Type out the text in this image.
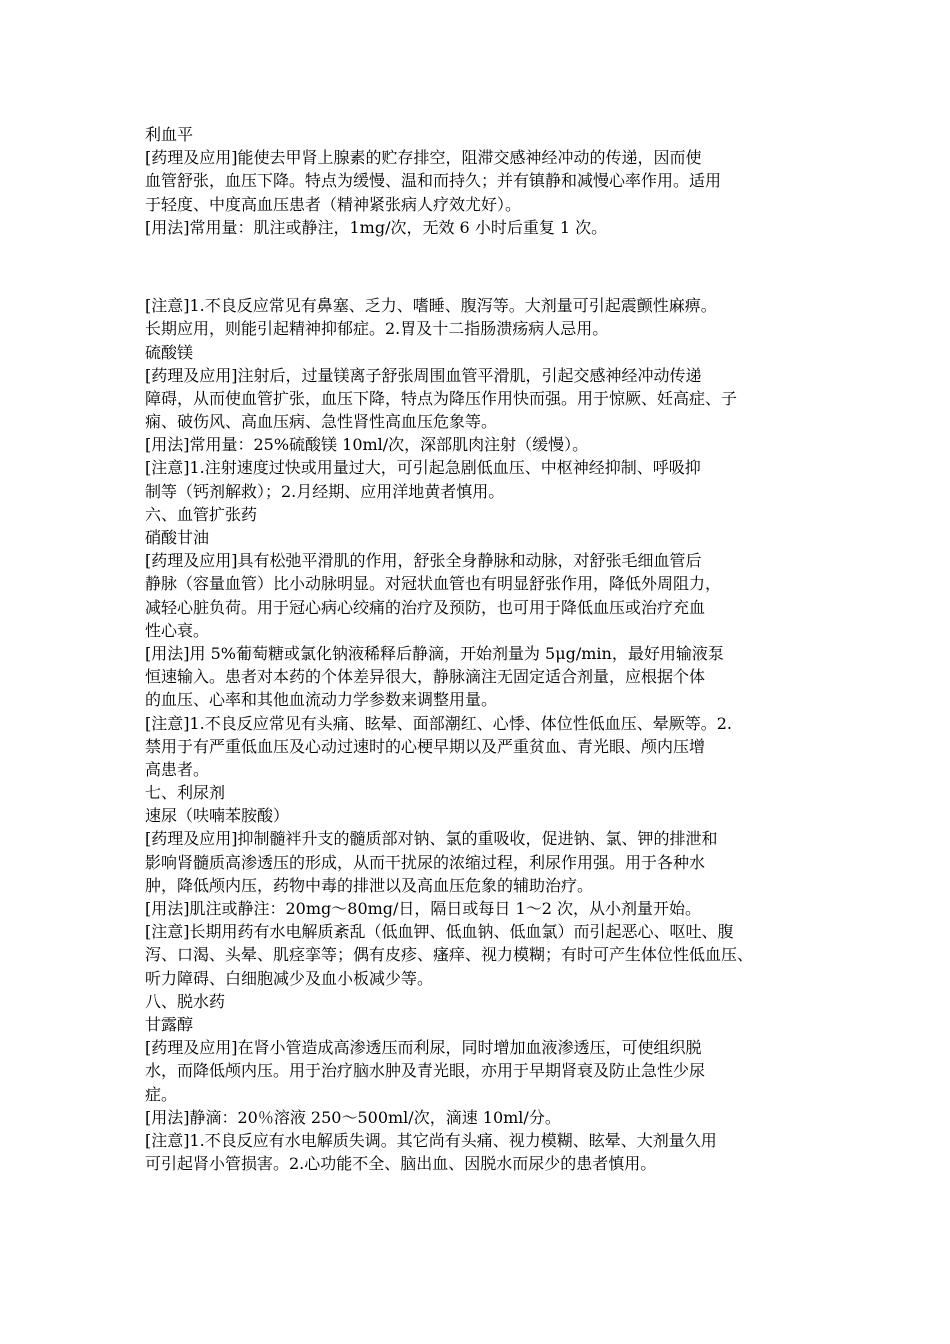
利血平

[药理及应用]能使去甲肾上腺素的贮存排空，阻滞交感神经冲动的传递，因而使

血管舒张，血压下降。特点为缓慢、温和而持久；并有镇静和减慢心率作用。适用

于轻度、中度高血压患者（精神紧张病人疗效尤好）。

[用法]常用量：肌注或静注，1mg/次，无效 6 小时后重复 1 次。

[注意]1.不良反应常见有鼻塞、乏力、嗜睡、腹泻等。大剂量可引起震颤性麻痹。

长期应用，则能引起精神抑郁症。2.胃及十二指肠溃疡病人忌用。

硫酸镁

[药理及应用]注射后，过量镁离子舒张周围血管平滑肌，引起交感神经冲动传递

障碍，从而使血管扩张，血压下降，特点为降压作用快而强。用于惊厥、妊高症、子

痫、破伤风、高血压病、急性肾性高血压危象等。

[用法]常用量：25%硫酸镁 10ml/次，深部肌肉注射（缓慢）。

[注意]1.注射速度过快或用量过大，可引起急剧低血压、中枢神经抑制、呼吸抑

制等（钙剂解救）；2.月经期、应用洋地黄者慎用。

六、血管扩张药

硝酸甘油

[药理及应用]具有松弛平滑肌的作用，舒张全身静脉和动脉，对舒张毛细血管后

静脉（容量血管）比小动脉明显。对冠状血管也有明显舒张作用，降低外周阻力，

减轻心脏负荷。用于冠心病心绞痛的治疗及预防，也可用于降低血压或治疗充血

性心衰。

[用法]用 5%葡萄糖或氯化钠液稀释后静滴，开始剂量为 5μg/min，最好用输液泵

恒速输入。患者对本药的个体差异很大，静脉滴注无固定适合剂量，应根据个体

的血压、心率和其他血流动力学参数来调整用量。

[注意]1.不良反应常见有头痛、眩晕、面部潮红、心悸、体位性低血压、晕厥等。2.

禁用于有严重低血压及心动过速时的心梗早期以及严重贫血、青光眼、颅内压增

高患者。

七、利尿剂

速尿（呋喃苯胺酸）

[药理及应用]抑制髓袢升支的髓质部对钠、氯的重吸收，促进钠、氯、钾的排泄和

影响肾髓质高渗透压的形成，从而干扰尿的浓缩过程，利尿作用强。用于各种水

肿，降低颅内压，药物中毒的排泄以及高血压危象的辅助治疗。

[用法]肌注或静注：20mg～80mg/日，隔日或每日 1～2 次，从小剂量开始。

[注意]长期用药有水电解质紊乱（低血钾、低血钠、低血氯）而引起恶心、呕吐、腹

泻、口渴、头晕、肌痉挛等；偶有皮疹、瘙痒、视力模糊；有时可产生体位性低血压、

听力障碍、白细胞减少及血小板减少等。

八、脱水药

甘露醇

[药理及应用]在肾小管造成高渗透压而利尿，同时增加血液渗透压，可使组织脱

水，而降低颅内压。用于治疗脑水肿及青光眼，亦用于早期肾衰及防止急性少尿

症。

[用法]静滴：20％溶液 250～500ml/次，滴速 10ml/分。

[注意]1.不良反应有水电解质失调。其它尚有头痛、视力模糊、眩晕、大剂量久用

可引起肾小管损害。2.心功能不全、脑出血、因脱水而尿少的患者慎用。
